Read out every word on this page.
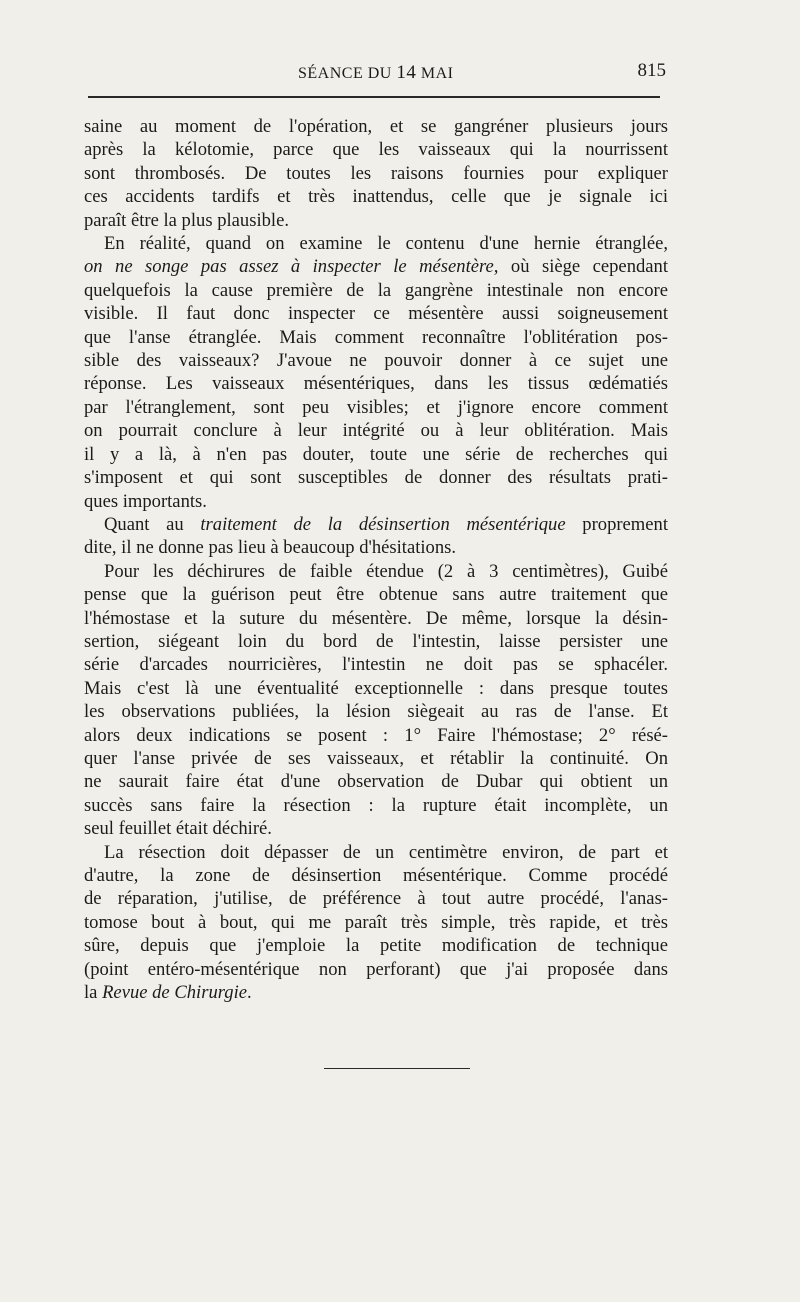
SÉANCE DU 14 MAI	815
saine au moment de l'opération, et se gangréner plusieurs jours
après la kélotomie, parce que les vaisseaux qui la nourrissent
sont thrombosés. De toutes les raisons fournies pour expliquer
ces accidents tardifs et très inattendus, celle que je signale ici
paraît être la plus plausible.
En réalité, quand on examine le contenu d'une hernie étranglée,
on ne songe pas assez à inspecter le mésentère, où siège cependant
quelquefois la cause première de la gangrène intestinale non encore
visible. Il faut donc inspecter ce mésentère aussi soigneusement
que l'anse étranglée. Mais comment reconnaître l'oblitération pos-
sible des vaisseaux? J'avoue ne pouvoir donner à ce sujet une
réponse. Les vaisseaux mésentériques, dans les tissus œdématiés
par l'étranglement, sont peu visibles; et j'ignore encore comment
on pourrait conclure à leur intégrité ou à leur oblitération. Mais
il y a là, à n'en pas douter, toute une série de recherches qui
s'imposent et qui sont susceptibles de donner des résultats prati-
ques importants.
Quant au traitement de la désinsertion mésentérique proprement
dite, il ne donne pas lieu à beaucoup d'hésitations.
Pour les déchirures de faible étendue (2 à 3 centimètres), Guibé
pense que la guérison peut être obtenue sans autre traitement que
l'hémostase et la suture du mésentère. De même, lorsque la désin-
sertion, siégeant loin du bord de l'intestin, laisse persister une
série d'arcades nourricières, l'intestin ne doit pas se sphacéler.
Mais c'est là une éventualité exceptionnelle : dans presque toutes
les observations publiées, la lésion siègeait au ras de l'anse. Et
alors deux indications se posent : 1° Faire l'hémostase; 2° résé-
quer l'anse privée de ses vaisseaux, et rétablir la continuité. On
ne saurait faire état d'une observation de Dubar qui obtient un
succès sans faire la résection : la rupture était incomplète, un
seul feuillet était déchiré.
La résection doit dépasser de un centimètre environ, de part et
d'autre, la zone de désinsertion mésentérique. Comme procédé
de réparation, j'utilise, de préférence à tout autre procédé, l'anas-
tomose bout à bout, qui me paraît très simple, très rapide, et très
sûre, depuis que j'emploie la petite modification de technique
(point entéro-mésentérique non perforant) que j'ai proposée dans
la Revue de Chirurgie.
